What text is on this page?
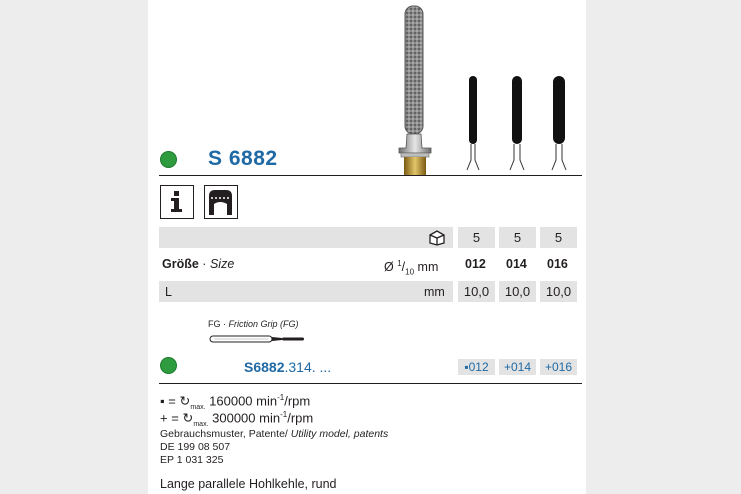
S 6882
5	5	5
Größe · Size	Ø $^1/_{10}$ mm 012 014 016
L	mm	10,0	10,0	10,0
FG · Friction Grip (FG)
S6882.314. ...	▪012	+014	+016
▪ = $↻_{max.}$ 160000 $\min^{-1}$/rpm
+ = $↻_{max.}$ 300000 $\min^{-1}$/rpm
Gebrauchsmuster, Patente/ Utility model, patents
DE 199 08 507
EP 1 031 325
Lange parallele Hohlkehle, rund
